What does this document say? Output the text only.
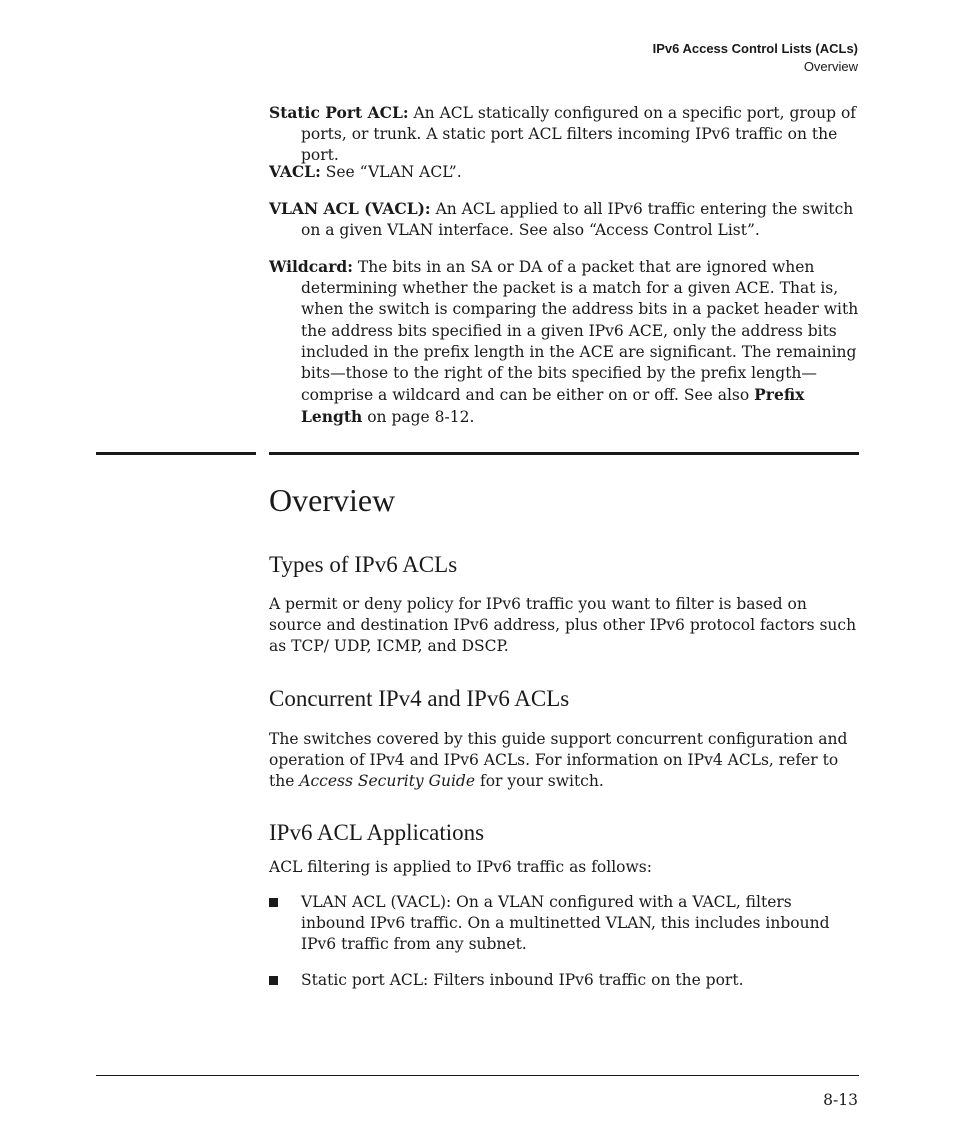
IPv6 Access Control Lists (ACLs)
Overview
Static Port ACL: An ACL statically configured on a specific port, group of ports, or trunk. A static port ACL filters incoming IPv6 traffic on the port.
VACL: See “VLAN ACL”.
VLAN ACL (VACL): An ACL applied to all IPv6 traffic entering the switch on a given VLAN interface. See also “Access Control List”.
Wildcard: The bits in an SA or DA of a packet that are ignored when determining whether the packet is a match for a given ACE. That is, when the switch is comparing the address bits in a packet header with the address bits specified in a given IPv6 ACE, only the address bits included in the prefix length in the ACE are significant. The remaining bits—those to the right of the bits specified by the prefix length—comprise a wildcard and can be either on or off. See also Prefix Length on page 8-12.
Overview
Types of IPv6 ACLs

A permit or deny policy for IPv6 traffic you want to filter is based on source and destination IPv6 address, plus other IPv6 protocol factors such as TCP/ UDP, ICMP, and DSCP.

Concurrent IPv4 and IPv6 ACLs

The switches covered by this guide support concurrent configuration and operation of IPv4 and IPv6 ACLs. For information on IPv4 ACLs, refer to the Access Security Guide for your switch.

IPv6 ACL Applications

ACL filtering is applied to IPv6 traffic as follows:

VLAN ACL (VACL): On a VLAN configured with a VACL, filters inbound IPv6 traffic. On a multinetted VLAN, this includes inbound IPv6 traffic from any subnet.
Static port ACL: Filters inbound IPv6 traffic on the port.
8-13
